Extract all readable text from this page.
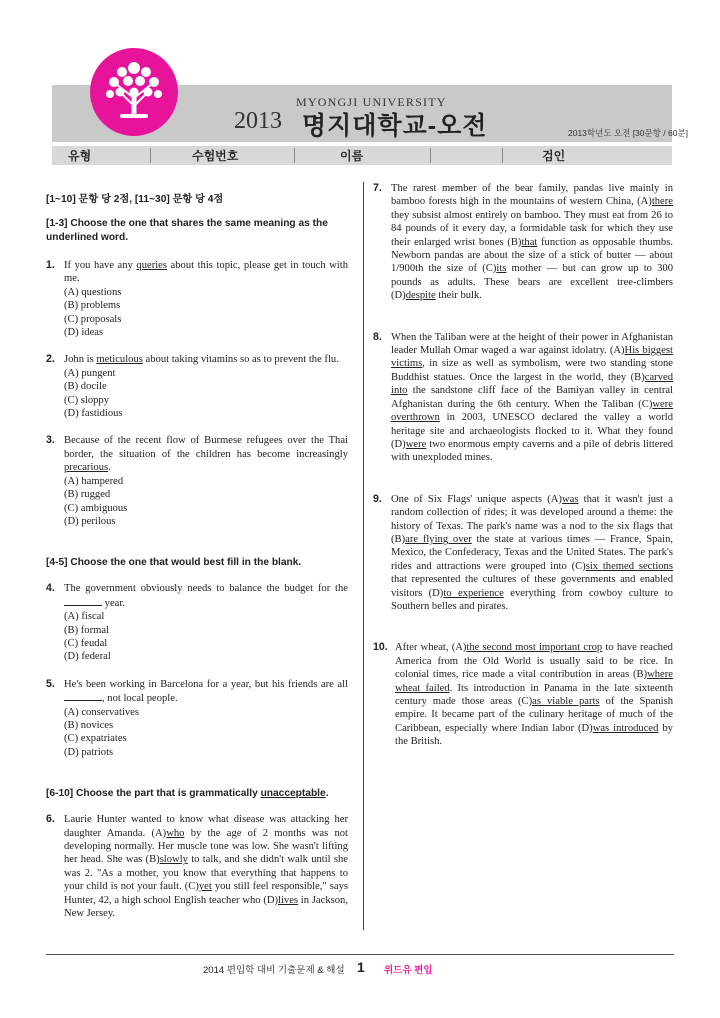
MYONGJI UNIVERSITY
2013 명지대학교-오전	2013학년도 오전 [30문항 / 60분]
유형	수험번호	이름	검인
[1~10] 문항 당 2점, [11~30] 문항 당 4점
[1-3] Choose the one that shares the same meaning as the underlined word.
1. If you have any queries about this topic, please get in touch with me.
(A) questions
(B) problems
(C) proposals
(D) ideas
2. John is meticulous about taking vitamins so as to prevent the flu.
(A) pungent
(B) docile
(C) sloppy
(D) fastidious
3. Because of the recent flow of Burmese refugees over the Thai border, the situation of the children has become increasingly precarious.
(A) hampered
(B) rugged
(C) ambiguous
(D) perilous
[4-5] Choose the one that would best fill in the blank.
4. The government obviously needs to balance the budget for the  year.
(A) fiscal
(B) formal
(C) feudal
(D) federal
5. He's been working in Barcelona for a year, but his friends are all , not local people.
(A) conservatives
(B) novices
(C) expatriates
(D) patriots
[6-10] Choose the part that is grammatically unacceptable.
6. Laurie Hunter wanted to know what disease was attacking her daughter Amanda. (A)who by the age of 2 months was not developing normally. Her muscle tone was low. She wasn't lifting her head. She was (B)slowly to talk, and she didn't walk until she was 2. "As a mother, you know that everything that happens to your child is not your fault. (C)yet you still feel responsible," says Hunter, 42, a high school English teacher who (D)lives in Jackson, New Jersey.
7. The rarest member of the bear family, pandas live mainly in bamboo forests high in the mountains of western China, (A)there they subsist almost entirely on bamboo. They must eat from 26 to 84 pounds of it every day, a formidable task for which they use their enlarged wrist bones (B)that function as opposable thumbs. Newborn pandas are about the size of a stick of butter — about 1/900th the size of (C)its mother — but can grow up to 300 pounds as adults. These bears are excellent tree-climbers (D)despite their bulk.
8. When the Taliban were at the height of their power in Afghanistan leader Mullah Omar waged a war against idolatry. (A)His biggest victims, in size as well as symbolism, were two standing stone Buddhist statues. Once the largest in the world, they (B)carved into the sandstone cliff face of the Bamiyan valley in central Afghanistan during the 6th century. When the Taliban (C)were overthrown in 2003, UNESCO declared the valley a world heritage site and archaeologists flocked to it. What they found (D)were two enormous empty caverns and a pile of debris littered with unexploded mines.
9. One of Six Flags' unique aspects (A)was that it wasn't just a random collection of rides; it was developed around a theme: the history of Texas. The park's name was a nod to the six flags that (B)are flying over the state at various times — France, Spain, Mexico, the Confederacy, Texas and the United States. The park's rides and attractions were grouped into (C)six themed sections that represented the cultures of these governments and enabled visitors (D)to experience everything from cowboy culture to Southern belles and pirates.
10. After wheat, (A)the second most important crop to have reached America from the Old World is usually said to be rice. In colonial times, rice made a vital contribution in areas (B)where wheat failed. Its introduction in Panama in the late sixteenth century made those areas (C)as viable parts of the Spanish empire. It became part of the culinary heritage of much of the Caribbean, especially where Indian labor (D)was introduced by the British.
2014 편입학 대비 기출문제 & 해설 1 위드유 편입
